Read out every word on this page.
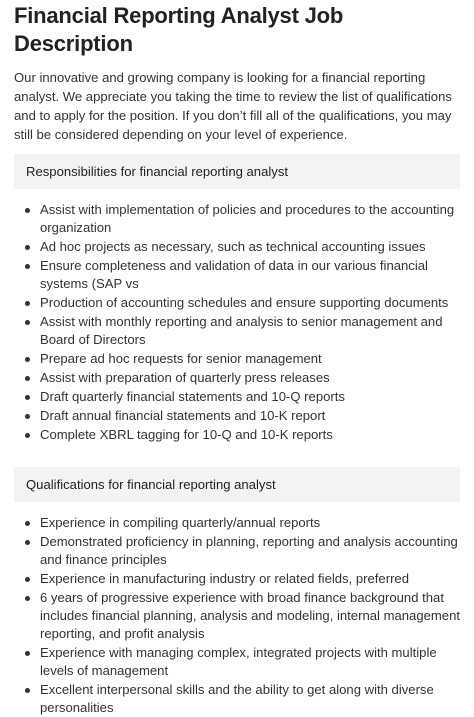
Financial Reporting Analyst Job Description

Our innovative and growing company is looking for a financial reporting analyst. We appreciate you taking the time to review the list of qualifications and to apply for the position. If you don’t fill all of the qualifications, you may still be considered depending on your level of experience.

Responsibilities for financial reporting analyst
Assist with implementation of policies and procedures to the accounting organization
Ad hoc projects as necessary, such as technical accounting issues
Ensure completeness and validation of data in our various financial systems (SAP vs
Production of accounting schedules and ensure supporting documents
Assist with monthly reporting and analysis to senior management and Board of Directors
Prepare ad hoc requests for senior management
Assist with preparation of quarterly press releases
Draft quarterly financial statements and 10-Q reports
Draft annual financial statements and 10-K report
Complete XBRL tagging for 10-Q and 10-K reports
Qualifications for financial reporting analyst
Experience in compiling quarterly/annual reports
Demonstrated proficiency in planning, reporting and analysis accounting and finance principles
Experience in manufacturing industry or related fields, preferred
6 years of progressive experience with broad finance background that includes financial planning, analysis and modeling, internal management reporting, and profit analysis
Experience with managing complex, integrated projects with multiple levels of management
Excellent interpersonal skills and the ability to get along with diverse personalities
